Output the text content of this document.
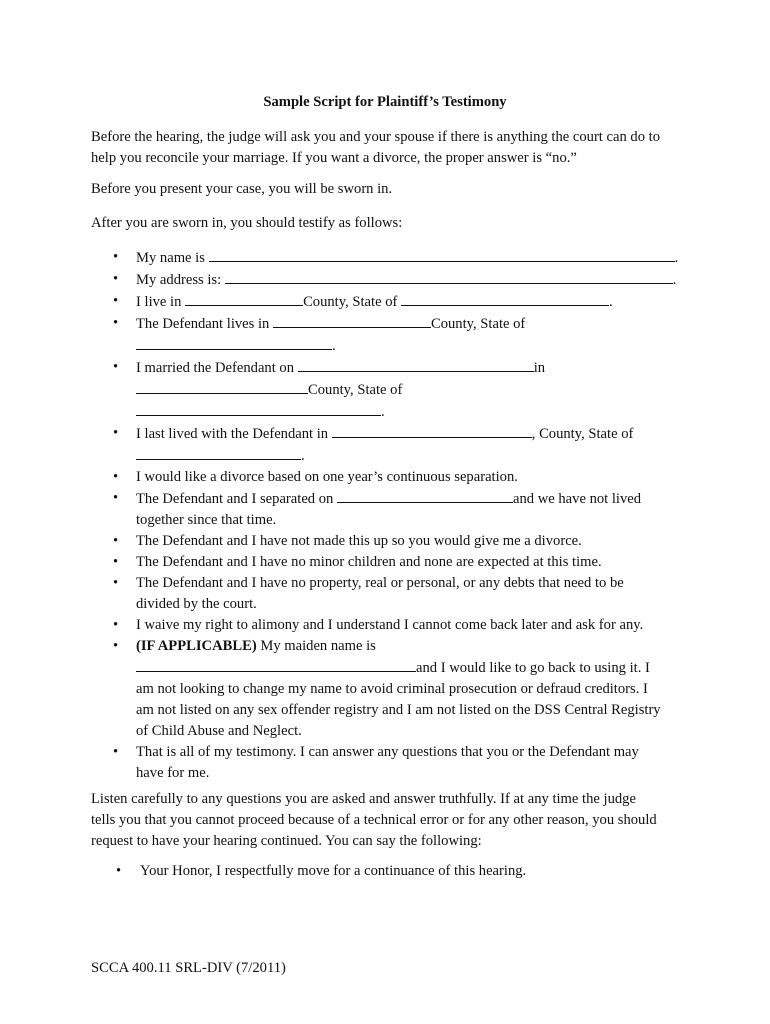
Sample Script for Plaintiff’s Testimony
Before the hearing, the judge will ask you and your spouse if there is anything the court can do to
help you reconcile your marriage. If you want a divorce, the proper answer is “no.”
Before you present your case, you will be sworn in.
After you are sworn in, you should testify as follows:
• My name is	.
• My address is:	.
• I live in	County, State of	.
• The Defendant lives in	County, State of
.
• I married the Defendant on	in
County, State of
.
• I last lived with the Defendant in	, County, State of
.
• I would like a divorce based on one year’s continuous separation.
• The Defendant and I separated on	and we have not lived
together since that time.
• The Defendant and I have not made this up so you would give me a divorce.
• The Defendant and I have no minor children and none are expected at this time.
• The Defendant and I have no property, real or personal, or any debts that need to be
divided by the court.
• I waive my right to alimony and I understand I cannot come back later and ask for any.
• (IF APPLICABLE) My maiden name is
and I would like to go back to using it. I
am not looking to change my name to avoid criminal prosecution or defraud creditors. I
am not listed on any sex offender registry and I am not listed on the DSS Central Registry
of Child Abuse and Neglect.
• That is all of my testimony. I can answer any questions that you or the Defendant may
have for me.
Listen carefully to any questions you are asked and answer truthfully. If at any time the judge
tells you that you cannot proceed because of a technical error or for any other reason, you should
request to have your hearing continued. You can say the following:
• Your Honor, I respectfully move for a continuance of this hearing.
SCCA 400.11 SRL-DIV (7/2011)
